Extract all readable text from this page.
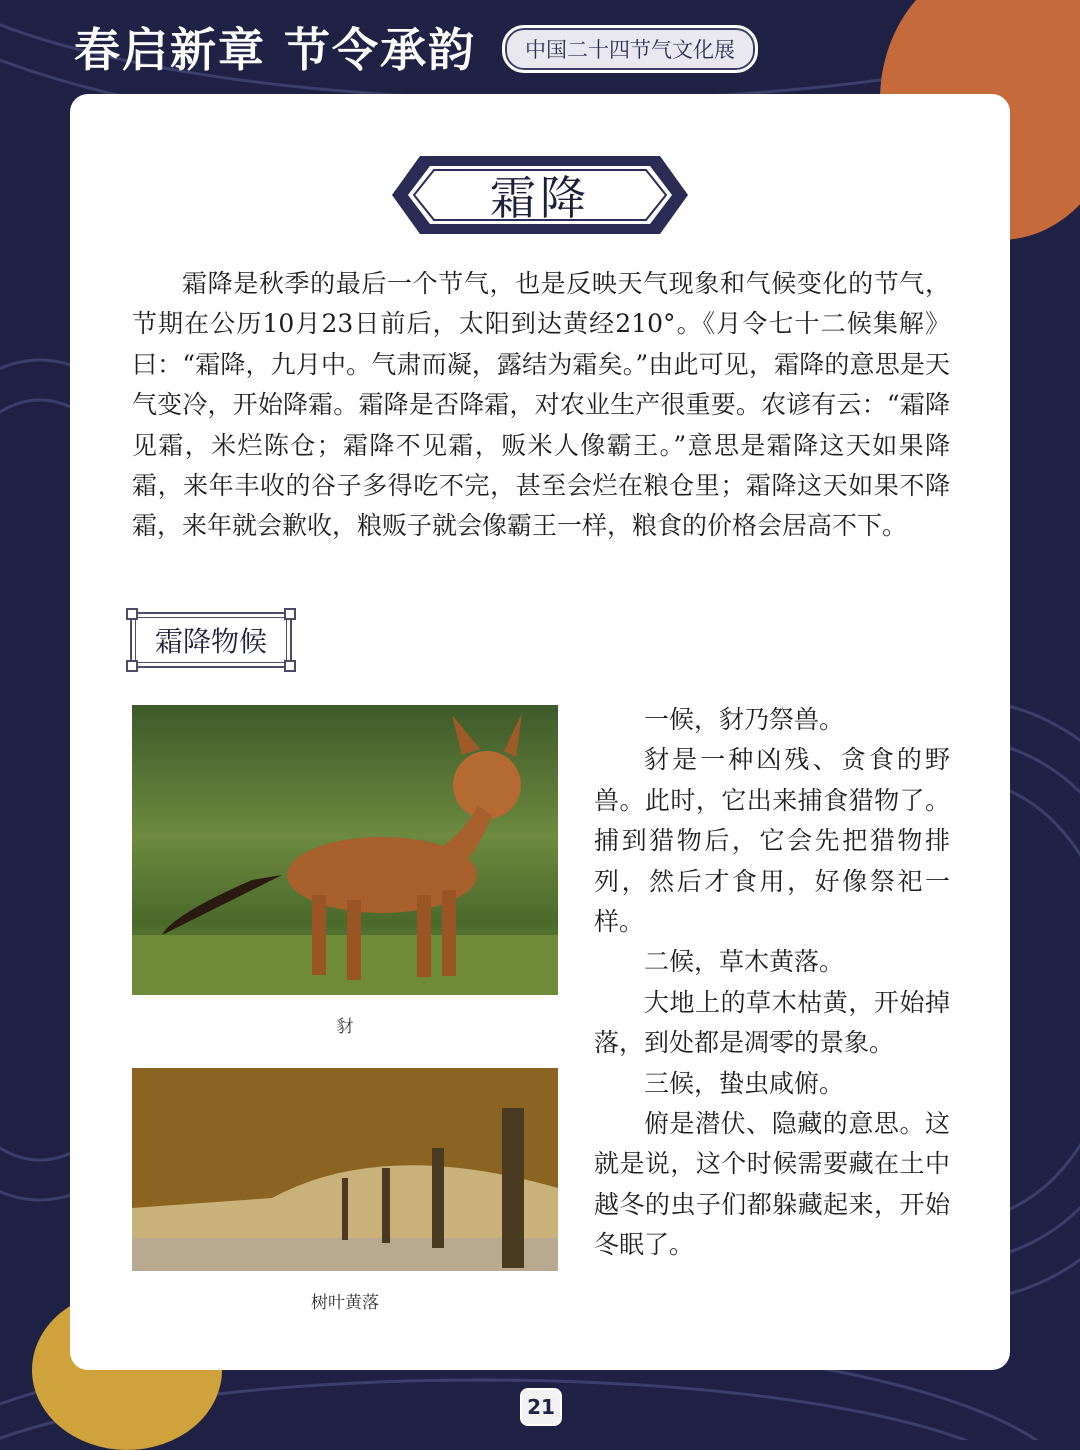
春启新章 节令承韵	中国二十四节气文化展
霜降

霜降是秋季的最后一个节气，也是反映天气现象和气候变化的节气，节期在公历10月23日前后，太阳到达黄经210°。《月令七十二候集解》曰：“霜降，九月中。气肃而凝，露结为霜矣。”由此可见，霜降的意思是天气变冷，开始降霜。霜降是否降霜，对农业生产很重要。农谚有云：“霜降见霜，米烂陈仓；霜降不见霜，贩米人像霸王。”意思是霜降这天如果降霜，来年丰收的谷子多得吃不完，甚至会烂在粮仓里；霜降这天如果不降霜，来年就会歉收，粮贩子就会像霸王一样，粮食的价格会居高不下。

霜降物候
豺
树叶黄落

一候，豺乃祭兽。

豺是一种凶残、贪食的野兽。此时，它出来捕食猎物了。捕到猎物后，它会先把猎物排列，然后才食用，好像祭祀一样。

二候，草木黄落。

大地上的草木枯黄，开始掉落，到处都是凋零的景象。

三候，蛰虫咸俯。

俯是潜伏、隐藏的意思。这就是说，这个时候需要藏在土中越冬的虫子们都躲藏起来，开始冬眠了。

21
